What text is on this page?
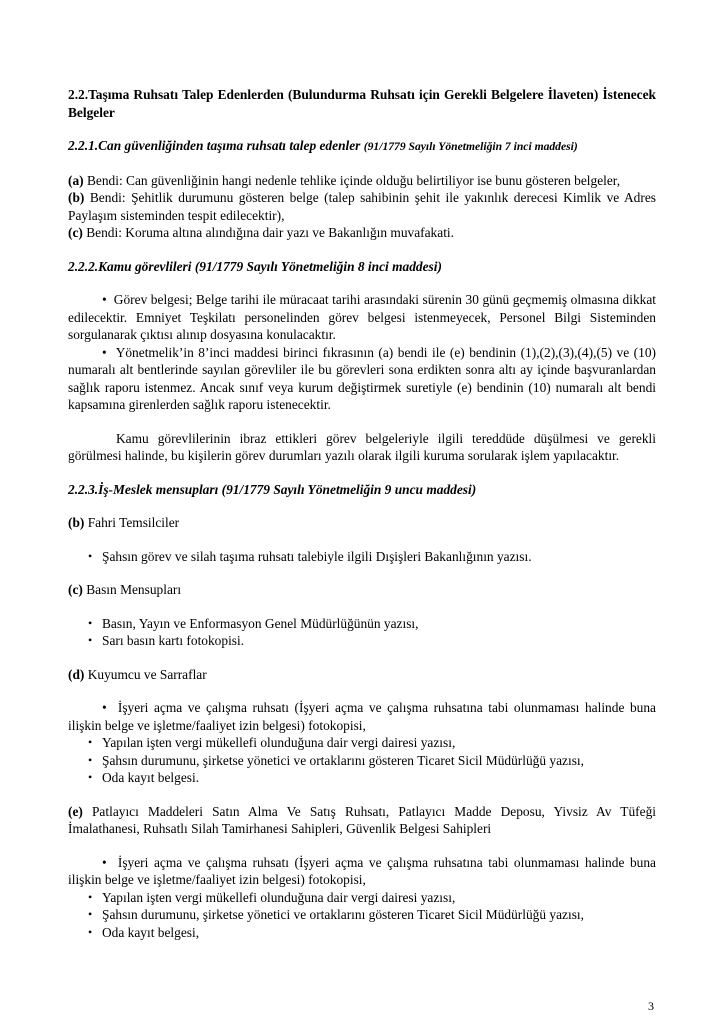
2.2.Taşıma Ruhsatı Talep Edenlerden (Bulundurma Ruhsatı için Gerekli Belgelere İlaveten) İstenecek Belgeler

2.2.1.Can güvenliğinden taşıma ruhsatı talep edenler (91/1779 Sayılı Yönetmeliğin 7 inci maddesi)

(a) Bendi: Can güvenliğinin hangi nedenle tehlike içinde olduğu belirtiliyor ise bunu gösteren belgeler,

(b) Bendi: Şehitlik durumunu gösteren belge (talep sahibinin şehit ile yakınlık derecesi Kimlik ve Adres Paylaşım sisteminden tespit edilecektir),

(c) Bendi: Koruma altına alındığına dair yazı ve Bakanlığın muvafakati.

2.2.2.Kamu görevlileri (91/1779 Sayılı Yönetmeliğin 8 inci maddesi)

•  Görev belgesi; Belge tarihi ile müracaat tarihi arasındaki sürenin 30 günü geçmemiş olmasına dikkat edilecektir. Emniyet Teşkilatı personelinden görev belgesi istenmeyecek, Personel Bilgi Sisteminden sorgulanarak çıktısı alınıp dosyasına konulacaktır.

•  Yönetmelik’in 8’inci maddesi birinci fıkrasının (a) bendi ile (e) bendinin (1),(2),(3),(4),(5) ve (10) numaralı alt bentlerinde sayılan görevliler ile bu görevleri sona erdikten sonra altı ay içinde başvuranlardan sağlık raporu istenmez. Ancak sınıf veya kurum değiştirmek suretiyle (e) bendinin (10) numaralı alt bendi kapsamına girenlerden sağlık raporu istenecektir.

Kamu görevlilerinin ibraz ettikleri görev belgeleriyle ilgili tereddüde düşülmesi ve gerekli görülmesi halinde, bu kişilerin görev durumları yazılı olarak ilgili kuruma sorularak işlem yapılacaktır.

2.2.3.İş-Meslek mensupları (91/1779 Sayılı Yönetmeliğin 9 uncu maddesi)

(b) Fahri Temsilciler

• Şahsın görev ve silah taşıma ruhsatı talebiyle ilgili Dışişleri Bakanlığının yazısı.

(c) Basın Mensupları

• Basın, Yayın ve Enformasyon Genel Müdürlüğünün yazısı,

• Sarı basın kartı fotokopisi.

(d) Kuyumcu ve Sarraflar

•  İşyeri açma ve çalışma ruhsatı (İşyeri açma ve çalışma ruhsatına tabi olunmaması halinde buna ilişkin belge ve işletme/faaliyet izin belgesi) fotokopisi,

• Yapılan işten vergi mükellefi olunduğuna dair vergi dairesi yazısı,

• Şahsın durumunu, şirketse yönetici ve ortaklarını gösteren Ticaret Sicil Müdürlüğü yazısı,

• Oda kayıt belgesi.

(e) Patlayıcı Maddeleri Satın Alma Ve Satış Ruhsatı, Patlayıcı Madde Deposu, Yivsiz Av Tüfeği İmalathanesi, Ruhsatlı Silah Tamirhanesi Sahipleri, Güvenlik Belgesi Sahipleri

•  İşyeri açma ve çalışma ruhsatı (İşyeri açma ve çalışma ruhsatına tabi olunmaması halinde buna ilişkin belge ve işletme/faaliyet izin belgesi) fotokopisi,

• Yapılan işten vergi mükellefi olunduğuna dair vergi dairesi yazısı,

• Şahsın durumunu, şirketse yönetici ve ortaklarını gösteren Ticaret Sicil Müdürlüğü yazısı,

• Oda kayıt belgesi,

3
